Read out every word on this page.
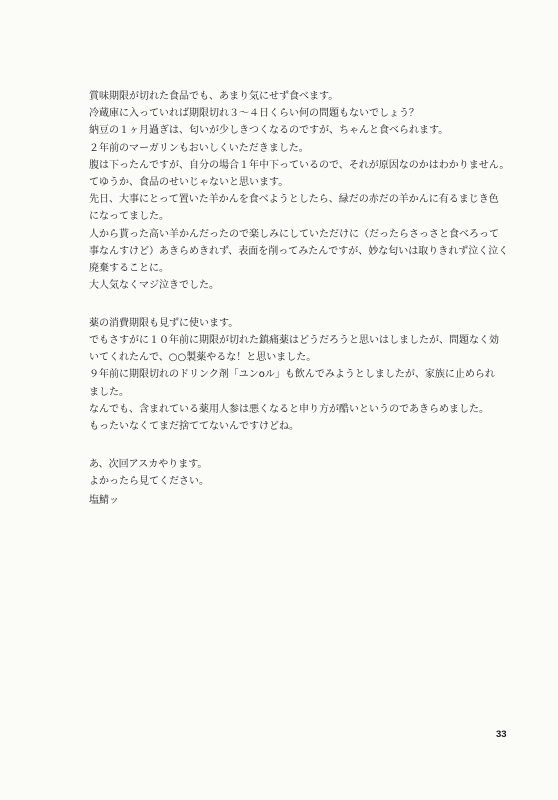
賞味期限が切れた食品でも、あまり気にせず食べます。
冷蔵庫に入っていれば期限切れ３〜４日くらい何の問題もないでしょう？
納豆の１ヶ月過ぎは、匂いが少しきつくなるのですが、ちゃんと食べられます。
２年前のマーガリンもおいしくいただきました。
腹は下ったんですが、自分の場合１年中下っているので、それが原因なのかはわかりません。
てゆうか、食品のせいじゃないと思います。
先日、大事にとって置いた羊かんを食べようとしたら、緑だの赤だの羊かんに有るまじき色
になってました。
人から貰った高い羊かんだったので楽しみにしていただけに（だったらさっさと食べろって
事なんすけど）あきらめきれず、表面を削ってみたんですが、妙な匂いは取りきれず泣く泣く
廃棄することに。
大人気なくマジ泣きでした。
薬の消費期限も見ずに使います。
でもさすがに１０年前に期限が切れた鎮痛薬はどうだろうと思いはしましたが、問題なく効
いてくれたんで、○○製薬やるな！と思いました。
９年前に期限切れのドリンク剤「ユンoル」も飲んでみようとしましたが、家族に止められ
ました。
なんでも、含まれている薬用人参は悪くなると申り方が酷いというのであきらめました。
もったいなくてまだ捨ててないんですけどね。
あ、次回アスカやります。
よかったら見てください。
塩鯖ッ
33
